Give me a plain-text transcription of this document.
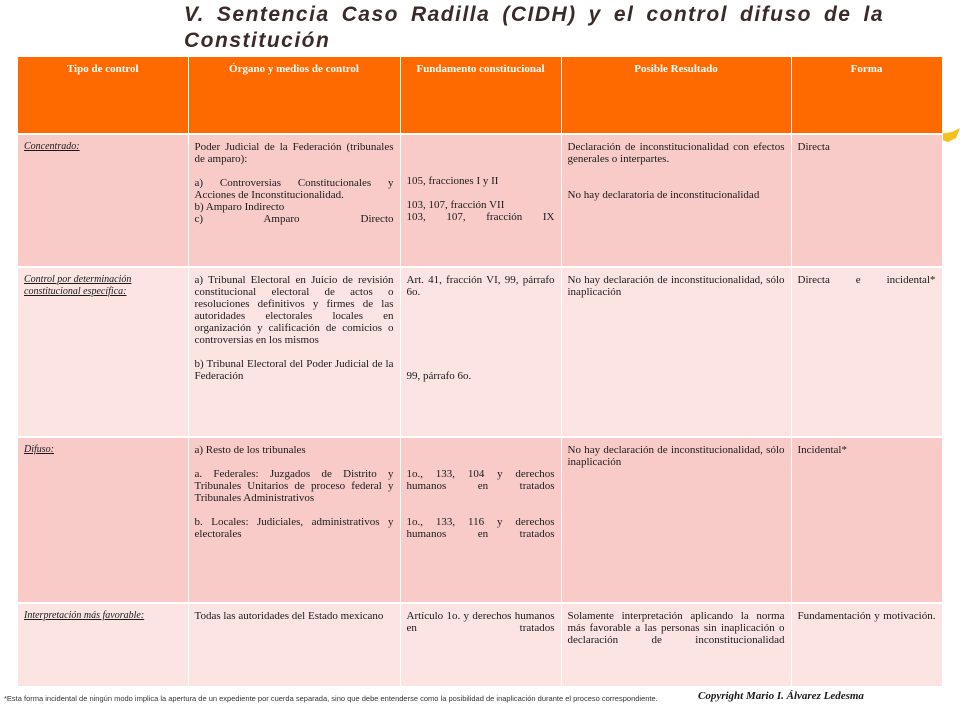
V. Sentencia Caso Radilla (CIDH) y el control difuso de la Constitución
Tipo de control	Órgano y medios de control	Fundamento constitucional	Posible Resultado	Forma
Concentrado:	Poder Judicial de la Federación (tribunales de amparo):
a) Controversias Constitucionales y Acciones de Inconstitucionalidad.
b) Amparo Indirecto
c) Amparo Directo	105, fracciones I y II
103, 107, fracción VII
103, 107, fracción IX	Declaración de inconstitucionalidad con efectos generales o interpartes.
No hay declaratoria de inconstitucionalidad	Directa
Control por determinación constitucional específica:	a) Tribunal Electoral en Juicio de revisión constitucional electoral de actos o resoluciones definitivos y firmes de las autoridades electorales locales en organización y calificación de comicios o controversias en los mismos
b) Tribunal Electoral del Poder Judicial de la Federación	Art. 41, fracción VI, 99, párrafo 6o.
99, párrafo 6o.	No hay declaración de inconstitucionalidad, sólo inaplicación	Directa e incidental*

Difuso:	a) Resto de los tribunales
a. Federales: Juzgados de Distrito y Tribunales Unitarios de proceso federal y Tribunales Administrativos
b. Locales: Judiciales, administrativos y electorales	1o., 133, 104 y derechos humanos en tratados
1o., 133, 116 y derechos humanos en tratados	No hay declaración de inconstitucionalidad, sólo inaplicación	Incidental*
Interpretación más favorable:	Todas las autoridades del Estado mexicano	Artículo 1o. y derechos humanos en tratados	Solamente interpretación aplicando la norma más favorable a las personas sin inaplicación o declaración de inconstitucionalidad	Fundamentación y motivación.
*Esta forma incidental de ningún modo implica la apertura de un expediente por cuerda separada, sino que debe entenderse como la posibilidad de inaplicación durante el proceso correspondiente.	Copyright Mario I. Álvarez Ledesma
